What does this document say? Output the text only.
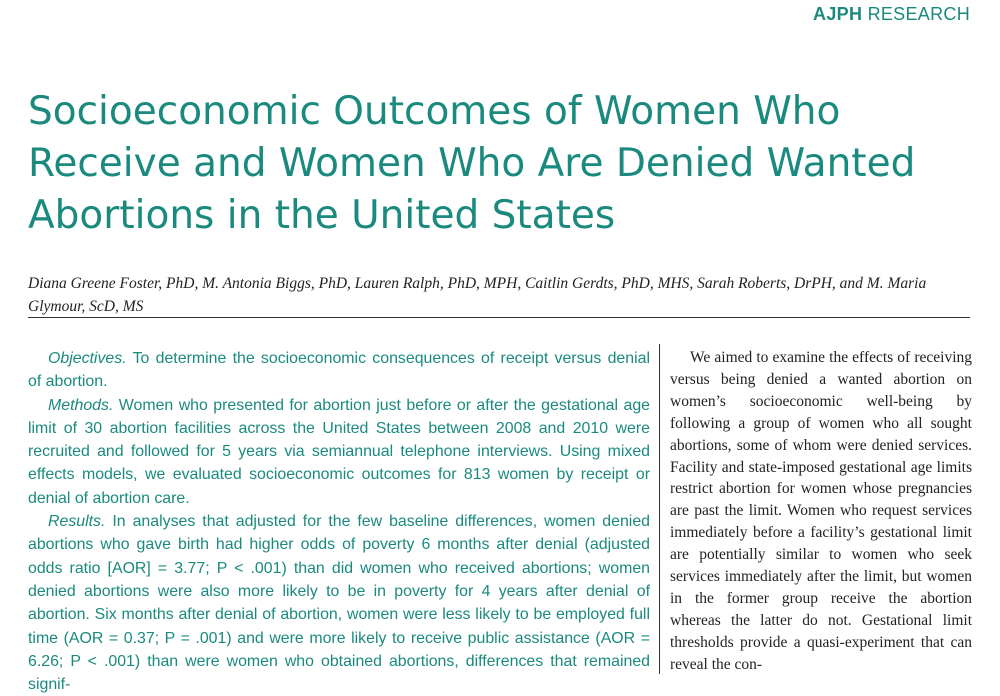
AJPH RESEARCH
Socioeconomic Outcomes of Women Who Receive and Women Who Are Denied Wanted Abortions in the United States

Diana Greene Foster, PhD, M. Antonia Biggs, PhD, Lauren Ralph, PhD, MPH, Caitlin Gerdts, PhD, MHS, Sarah Roberts, DrPH, and M. Maria Glymour, ScD, MS

Objectives. To determine the socioeconomic consequences of receipt versus denial of abortion.

Methods. Women who presented for abortion just before or after the gestational age limit of 30 abortion facilities across the United States between 2008 and 2010 were recruited and followed for 5 years via semiannual telephone interviews. Using mixed effects models, we evaluated socioeconomic outcomes for 813 women by receipt or denial of abortion care.

Results. In analyses that adjusted for the few baseline differences, women denied abortions who gave birth had higher odds of poverty 6 months after denial (adjusted odds ratio [AOR] = 3.77; P < .001) than did women who received abortions; women denied abortions were also more likely to be in poverty for 4 years after denial of abortion. Six months after denial of abortion, women were less likely to be employed full time (AOR = 0.37; P = .001) and were more likely to receive public assistance (AOR = 6.26; P < .001) than were women who obtained abortions, differences that remained signif-

We aimed to examine the effects of receiving versus being denied a wanted abortion on women’s socioeconomic well-being by following a group of women who all sought abortions, some of whom were denied services. Facility and state-imposed gestational age limits restrict abortion for women whose pregnancies are past the limit. Women who request services immediately before a facility’s gestational limit are potentially similar to women who seek services immediately after the limit, but women in the former group receive the abortion whereas the latter do not. Gestational limit thresholds provide a quasi-experiment that can reveal the con-
